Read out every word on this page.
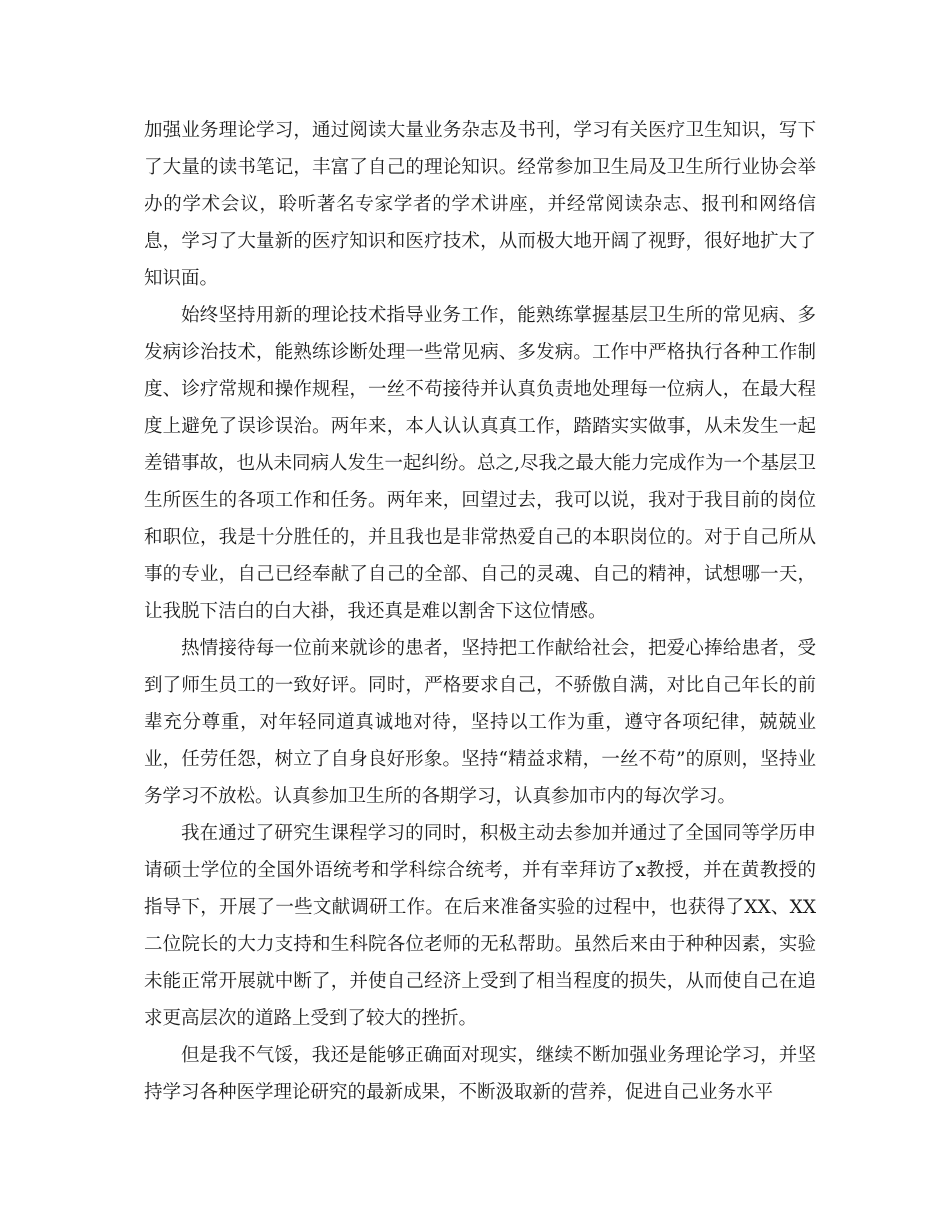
加强业务理论学习，通过阅读大量业务杂志及书刊，学习有关医疗卫生知识，写下了大量的读书笔记，丰富了自己的理论知识。经常参加卫生局及卫生所行业协会举办的学术会议，聆听著名专家学者的学术讲座，并经常阅读杂志、报刊和网络信息，学习了大量新的医疗知识和医疗技术，从而极大地开阔了视野，很好地扩大了知识面。

始终坚持用新的理论技术指导业务工作，能熟练掌握基层卫生所的常见病、多发病诊治技术，能熟练诊断处理一些常见病、多发病。工作中严格执行各种工作制度、诊疗常规和操作规程，一丝不苟接待并认真负责地处理每一位病人，在最大程度上避免了误诊误治。两年来，本人认认真真工作，踏踏实实做事，从未发生一起差错事故，也从未同病人发生一起纠纷。总之,尽我之最大能力完成作为一个基层卫生所医生的各项工作和任务。两年来，回望过去，我可以说，我对于我目前的岗位和职位，我是十分胜任的，并且我也是非常热爱自己的本职岗位的。对于自己所从事的专业，自己已经奉献了自己的全部、自己的灵魂、自己的精神，试想哪一天，让我脱下洁白的白大褂，我还真是难以割舍下这位情感。

热情接待每一位前来就诊的患者，坚持把工作献给社会，把爱心捧给患者，受到了师生员工的一致好评。同时，严格要求自己，不骄傲自满，对比自己年长的前辈充分尊重，对年轻同道真诚地对待，坚持以工作为重，遵守各项纪律，兢兢业业，任劳任怨，树立了自身良好形象。坚持“精益求精，一丝不苟”的原则，坚持业务学习不放松。认真参加卫生所的各期学习，认真参加市内的每次学习。

我在通过了研究生课程学习的同时，积极主动去参加并通过了全国同等学历申请硕士学位的全国外语统考和学科综合统考，并有幸拜访了x教授，并在黄教授的指导下，开展了一些文献调研工作。在后来准备实验的过程中，也获得了XX、XX二位院长的大力支持和生科院各位老师的无私帮助。虽然后来由于种种因素，实验未能正常开展就中断了，并使自己经济上受到了相当程度的损失，从而使自己在追求更高层次的道路上受到了较大的挫折。

但是我不气馁，我还是能够正确面对现实，继续不断加强业务理论学习，并坚持学习各种医学理论研究的最新成果，不断汲取新的营养，促进自己业务水平
